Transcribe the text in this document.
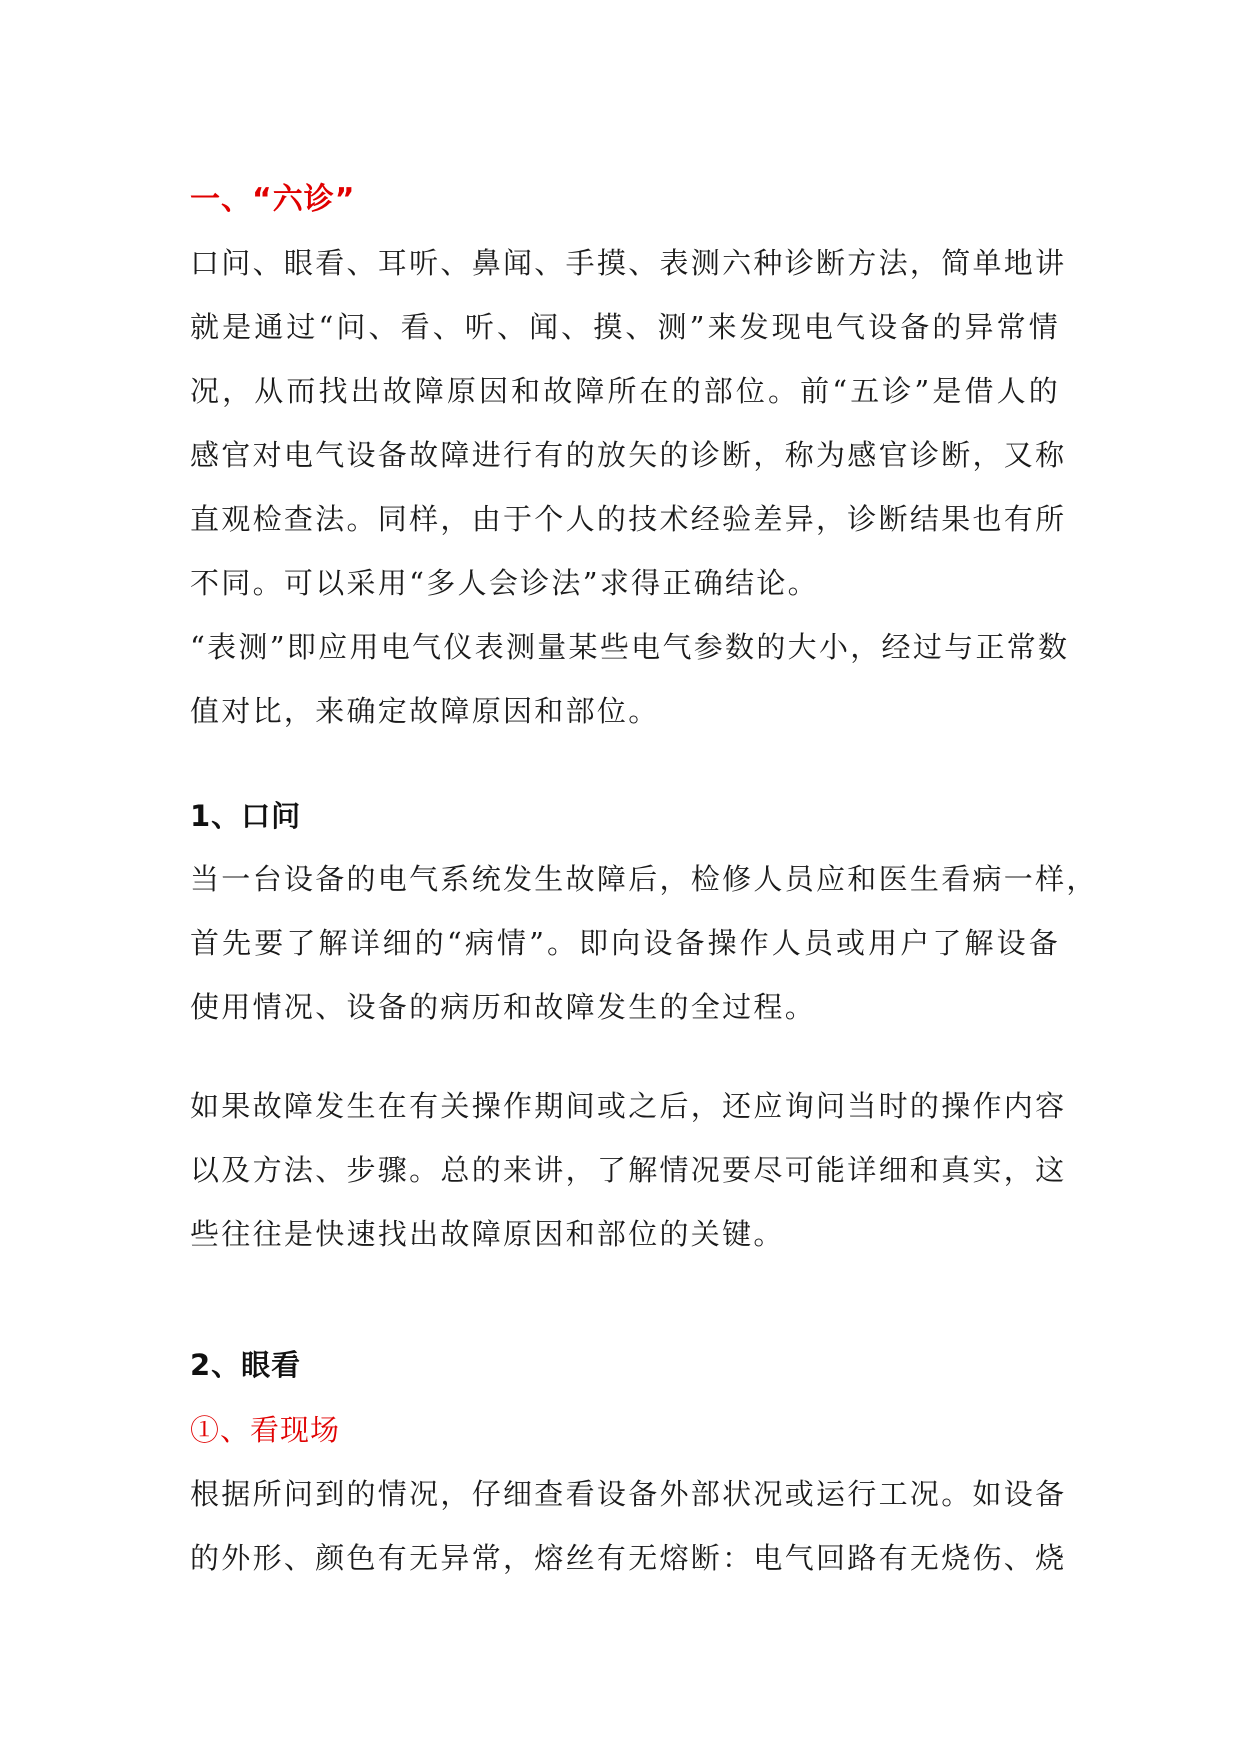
一、“六诊”
口问、眼看、耳听、鼻闻、手摸、表测六种诊断方法，简单地讲
就是通过“问、看、听、闻、摸、测”来发现电气设备的异常情
况，从而找出故障原因和故障所在的部位。前“五诊”是借人的
感官对电气设备故障进行有的放矢的诊断，称为感官诊断，又称
直观检查法。同样，由于个人的技术经验差异，诊断结果也有所
不同。可以采用“多人会诊法”求得正确结论。
“表测”即应用电气仪表测量某些电气参数的大小，经过与正常数
值对比，来确定故障原因和部位。
1、口问
当一台设备的电气系统发生故障后，检修人员应和医生看病一样，
首先要了解详细的“病情”。即向设备操作人员或用户了解设备
使用情况、设备的病历和故障发生的全过程。
如果故障发生在有关操作期间或之后，还应询问当时的操作内容
以及方法、步骤。总的来讲，了解情况要尽可能详细和真实，这
些往往是快速找出故障原因和部位的关键。
2、眼看
①、看现场
根据所问到的情况，仔细查看设备外部状况或运行工况。如设备
的外形、颜色有无异常，熔丝有无熔断：电气回路有无烧伤、烧
